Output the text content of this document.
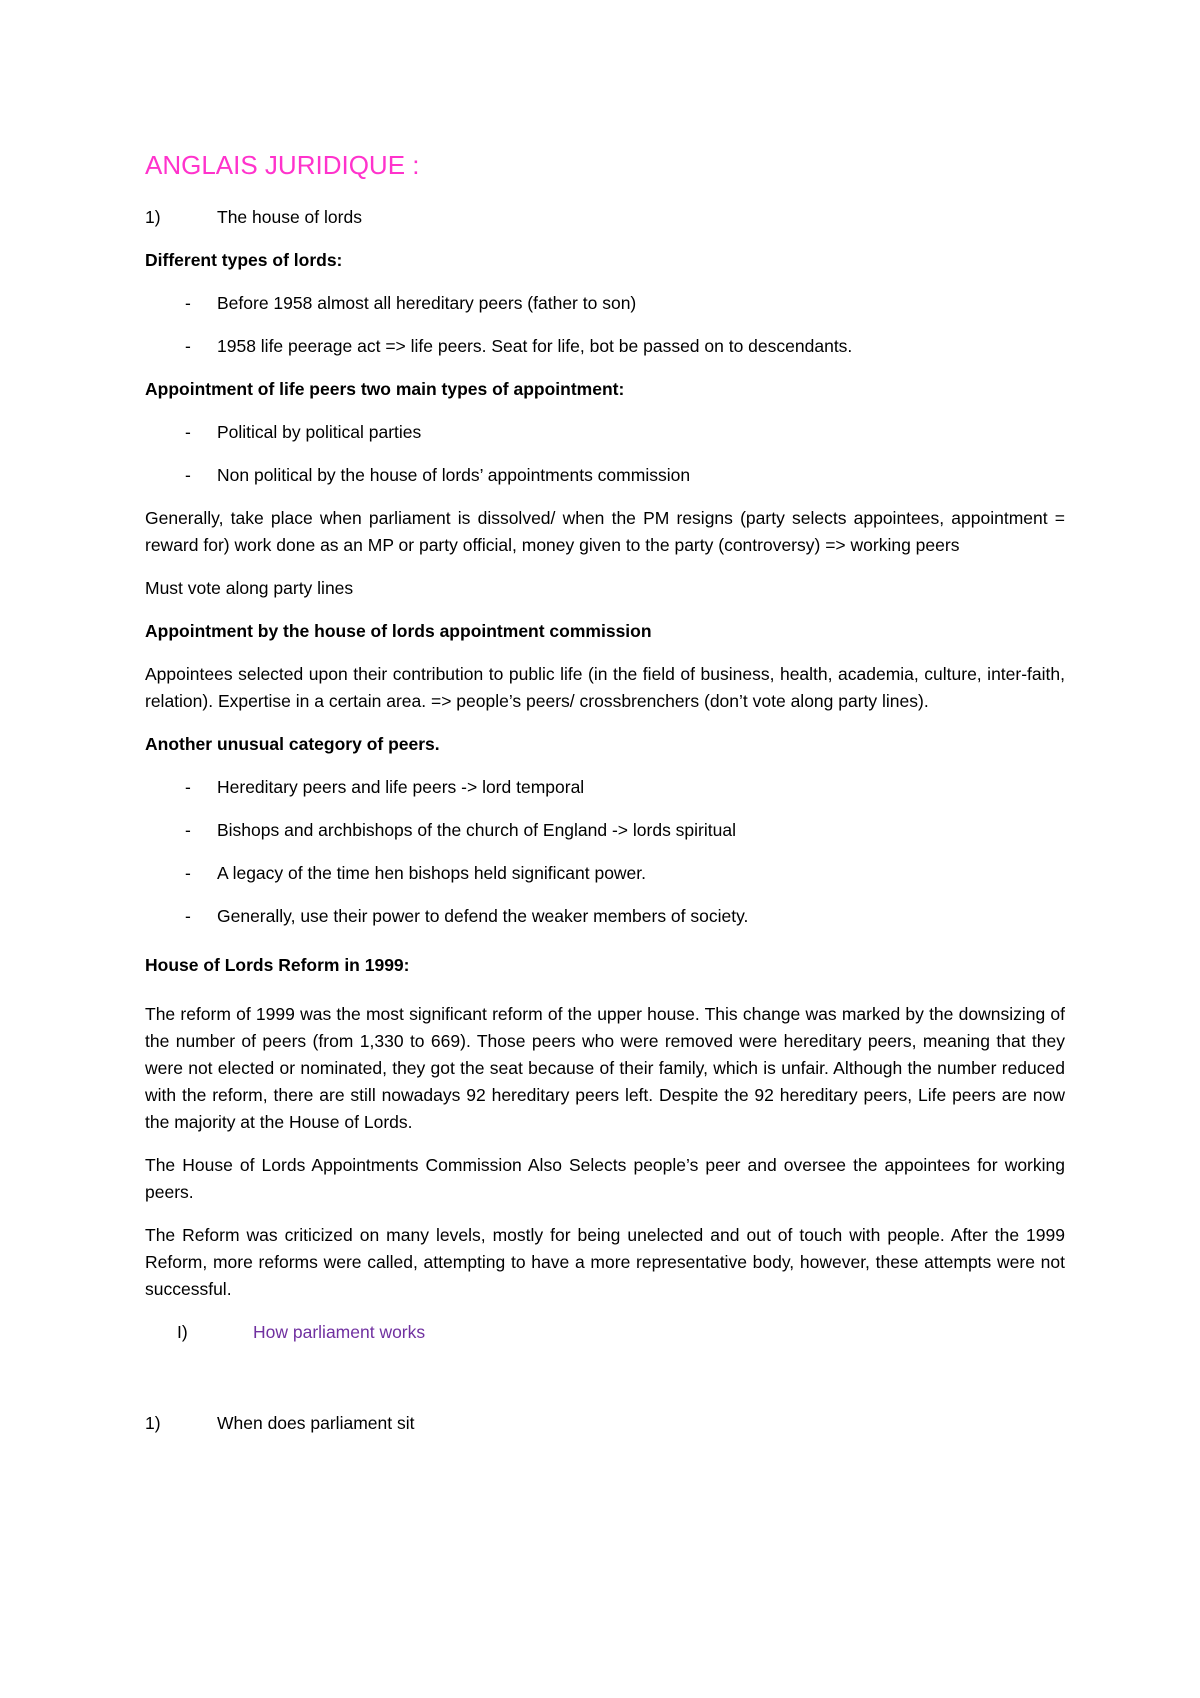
ANGLAIS JURIDIQUE :
1)	The house of lords
Different types of lords:
-	Before 1958 almost all hereditary peers (father to son)
-	1958 life peerage act => life peers. Seat for life, bot be passed on to descendants.
Appointment of life peers two main types of appointment:
-	Political by political parties
-	Non political by the house of lords’ appointments commission

Generally, take place when parliament is dissolved/ when the PM resigns (party selects appointees, appointment = reward for) work done as an MP or party official, money given to the party (controversy) => working peers

Must vote along party lines

Appointment by the house of lords appointment commission

Appointees selected upon their contribution to public life (in the field of business, health, academia, culture, inter-faith, relation). Expertise in a certain area. => people’s peers/ crossbrenchers (don’t vote along party lines).

Another unusual category of peers.
-	Hereditary peers and life peers -> lord temporal
-	Bishops and archbishops of the church of England -> lords spiritual
-	A legacy of the time hen bishops held significant power.
-	Generally, use their power to defend the weaker members of society.
House of Lords Reform in 1999:

The reform of 1999 was the most significant reform of the upper house. This change was marked by the downsizing of the number of peers (from 1,330 to 669). Those peers who were removed were hereditary peers, meaning that they were not elected or nominated, they got the seat because of their family, which is unfair. Although the number reduced with the reform, there are still nowadays 92 hereditary peers left. Despite the 92 hereditary peers, Life peers are now the majority at the House of Lords.

The House of Lords Appointments Commission Also Selects people’s peer and oversee the appointees for working peers.

The Reform was criticized on many levels, mostly for being unelected and out of touch with people. After the 1999 Reform, more reforms were called, attempting to have a more representative body, however, these attempts were not successful.

I)	How parliament works
1)	When does parliament sit
